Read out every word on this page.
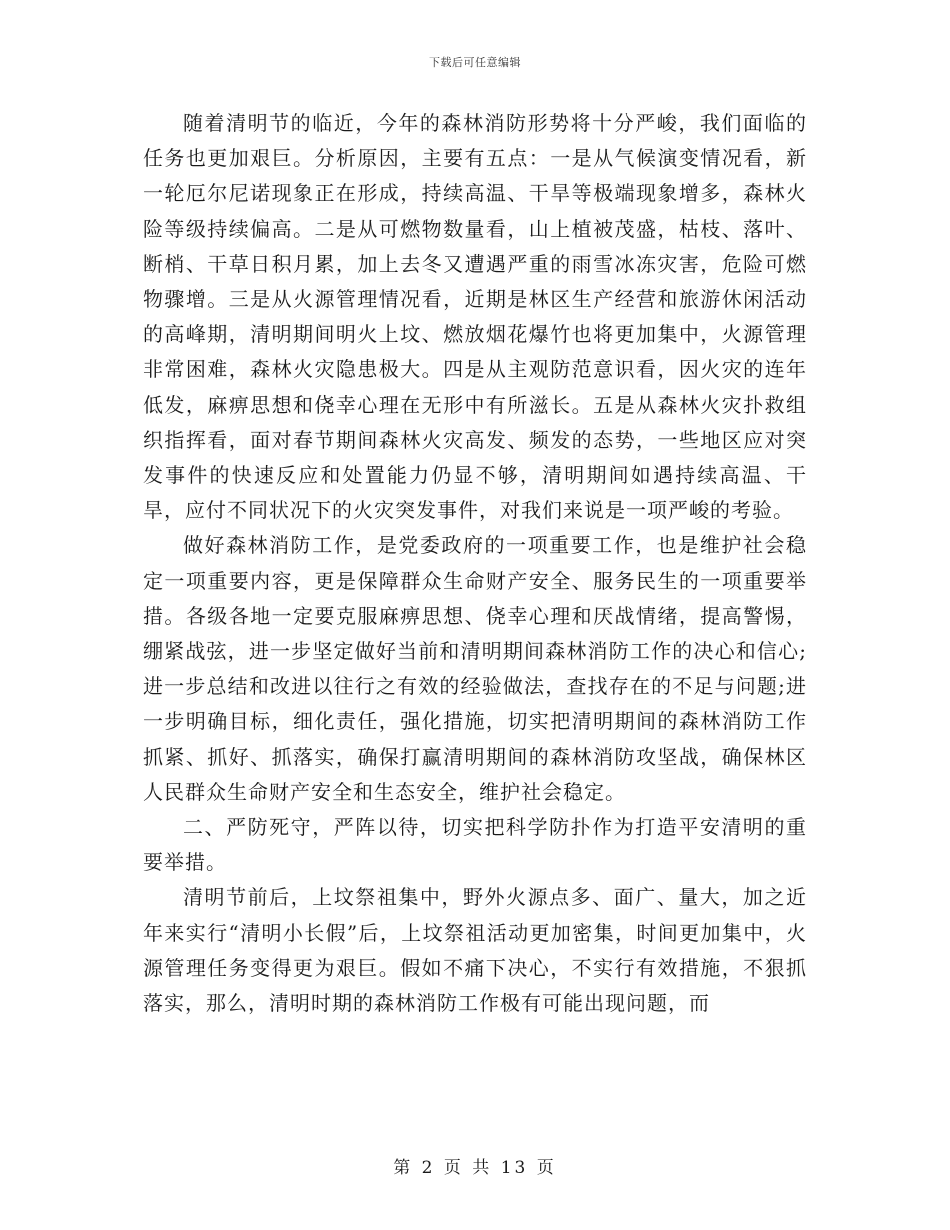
下载后可任意编辑

随着清明节的临近，今年的森林消防形势将十分严峻，我们面临的任务也更加艰巨。分析原因，主要有五点：一是从气候演变情况看，新一轮厄尔尼诺现象正在形成，持续高温、干旱等极端现象增多，森林火险等级持续偏高。二是从可燃物数量看，山上植被茂盛，枯枝、落叶、断梢、干草日积月累，加上去冬又遭遇严重的雨雪冰冻灾害，危险可燃物骤增。三是从火源管理情况看，近期是林区生产经营和旅游休闲活动的高峰期，清明期间明火上坟、燃放烟花爆竹也将更加集中，火源管理非常困难，森林火灾隐患极大。四是从主观防范意识看，因火灾的连年低发，麻痹思想和侥幸心理在无形中有所滋长。五是从森林火灾扑救组织指挥看，面对春节期间森林火灾高发、频发的态势，一些地区应对突发事件的快速反应和处置能力仍显不够，清明期间如遇持续高温、干旱，应付不同状况下的火灾突发事件，对我们来说是一项严峻的考验。

做好森林消防工作，是党委政府的一项重要工作，也是维护社会稳定一项重要内容，更是保障群众生命财产安全、服务民生的一项重要举措。各级各地一定要克服麻痹思想、侥幸心理和厌战情绪，提高警惕，绷紧战弦，进一步坚定做好当前和清明期间森林消防工作的决心和信心;进一步总结和改进以往行之有效的经验做法，查找存在的不足与问题;进一步明确目标，细化责任，强化措施，切实把清明期间的森林消防工作抓紧、抓好、抓落实，确保打赢清明期间的森林消防攻坚战，确保林区人民群众生命财产安全和生态安全，维护社会稳定。

二、严防死守，严阵以待，切实把科学防扑作为打造平安清明的重要举措。

清明节前后，上坟祭祖集中，野外火源点多、面广、量大，加之近年来实行“清明小长假”后，上坟祭祖活动更加密集，时间更加集中，火源管理任务变得更为艰巨。假如不痛下决心，不实行有效措施，不狠抓落实，那么，清明时期的森林消防工作极有可能出现问题，而

第 2 页 共 13 页
